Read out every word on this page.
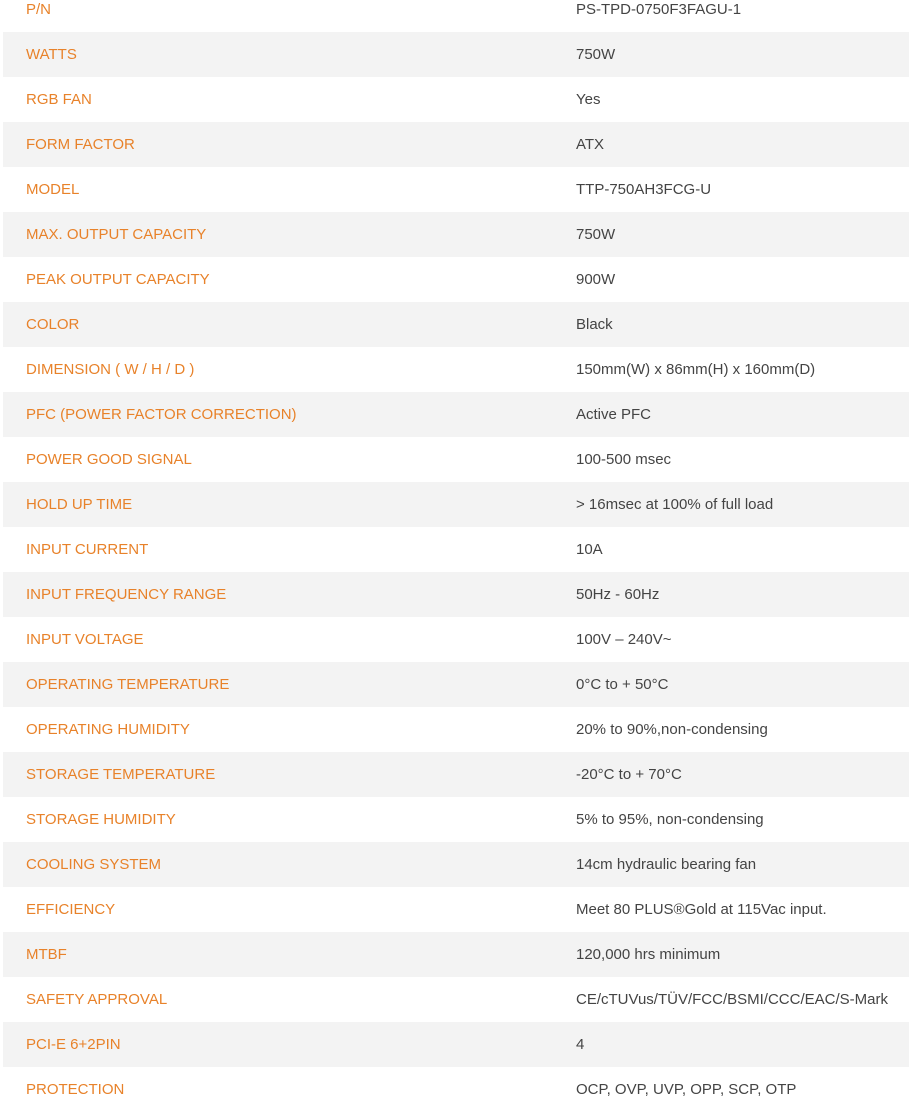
P/N	PS-TPD-0750F3FAGU-1
WATTS	750W
RGB FAN	Yes
FORM FACTOR	ATX
MODEL	TTP-750AH3FCG-U
MAX. OUTPUT CAPACITY	750W
PEAK OUTPUT CAPACITY	900W
COLOR	Black
DIMENSION ( W / H / D )	150mm(W) x 86mm(H) x 160mm(D)
PFC (POWER FACTOR CORRECTION)	Active PFC
POWER GOOD SIGNAL	100-500 msec
HOLD UP TIME	> 16msec at 100% of full load
INPUT CURRENT	10A
INPUT FREQUENCY RANGE	50Hz - 60Hz
INPUT VOLTAGE	100V – 240V~
OPERATING TEMPERATURE	0°C to + 50°C
OPERATING HUMIDITY	20% to 90%,non-condensing
STORAGE TEMPERATURE	-20°C to + 70°C
STORAGE HUMIDITY	5% to 95%, non-condensing
COOLING SYSTEM	14cm hydraulic bearing fan
EFFICIENCY	Meet 80 PLUS®Gold at 115Vac input.
MTBF	120,000 hrs minimum
SAFETY APPROVAL	CE/cTUVus/TÜV/FCC/BSMI/CCC/EAC/S-Mark
PCI-E 6+2PIN	4
PROTECTION	OCP, OVP, UVP, OPP, SCP, OTP
